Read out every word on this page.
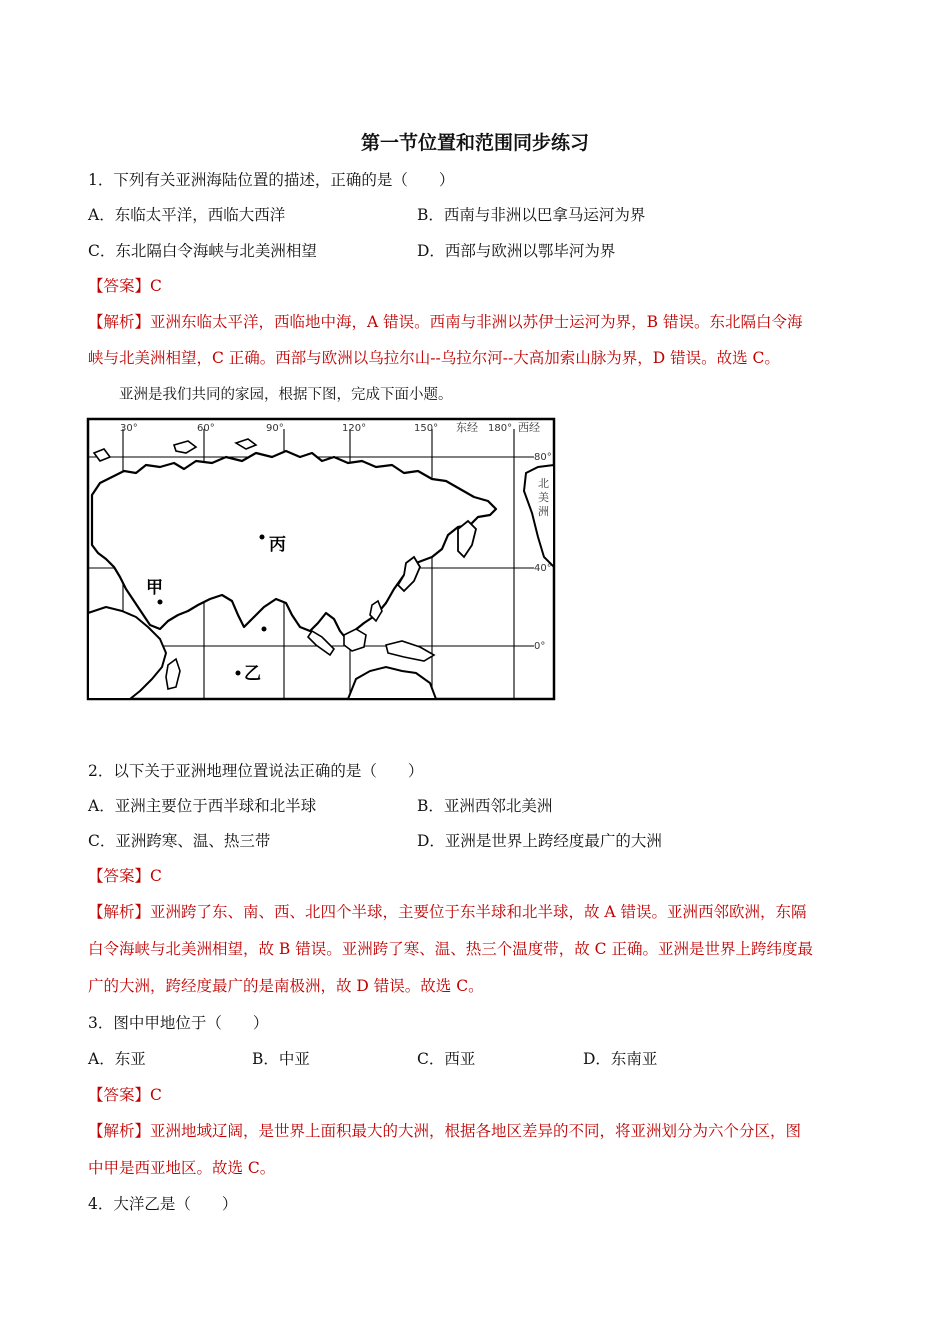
第一节位置和范围同步练习
1．下列有关亚洲海陆位置的描述，正确的是（　　）
A．东临太平洋，西临大西洋	B．西南与非洲以巴拿马运河为界
C．东北隔白令海峡与北美洲相望	D．西部与欧洲以鄂毕河为界
【答案】C
【解析】亚洲东临太平洋，西临地中海，A 错误。西南与非洲以苏伊士运河为界，B 错误。东北隔白令海
峡与北美洲相望，C 正确。西部与欧洲以乌拉尔山--乌拉尔河--大高加索山脉为界，D 错误。故选 C。
亚洲是我们共同的家园，根据下图，完成下面小题。
30°	60°	90°	120°	150° 东经 180° 西经
80°
40°
0°
北
美
洲
丙
甲
乙
2．以下关于亚洲地理位置说法正确的是（　　）
A．亚洲主要位于西半球和北半球	B．亚洲西邻北美洲
C．亚洲跨寒、温、热三带	D．亚洲是世界上跨经度最广的大洲
【答案】C
【解析】亚洲跨了东、南、西、北四个半球，主要位于东半球和北半球，故 A 错误。亚洲西邻欧洲，东隔
白令海峡与北美洲相望，故 B 错误。亚洲跨了寒、温、热三个温度带，故 C 正确。亚洲是世界上跨纬度最
广的大洲，跨经度最广的是南极洲，故 D 错误。故选 C。
3．图中甲地位于（　　）
A．东亚	B．中亚	C．西亚	D．东南亚
【答案】C
【解析】亚洲地域辽阔，是世界上面积最大的大洲，根据各地区差异的不同，将亚洲划分为六个分区，图
中甲是西亚地区。故选 C。
4．大洋乙是（　　）
